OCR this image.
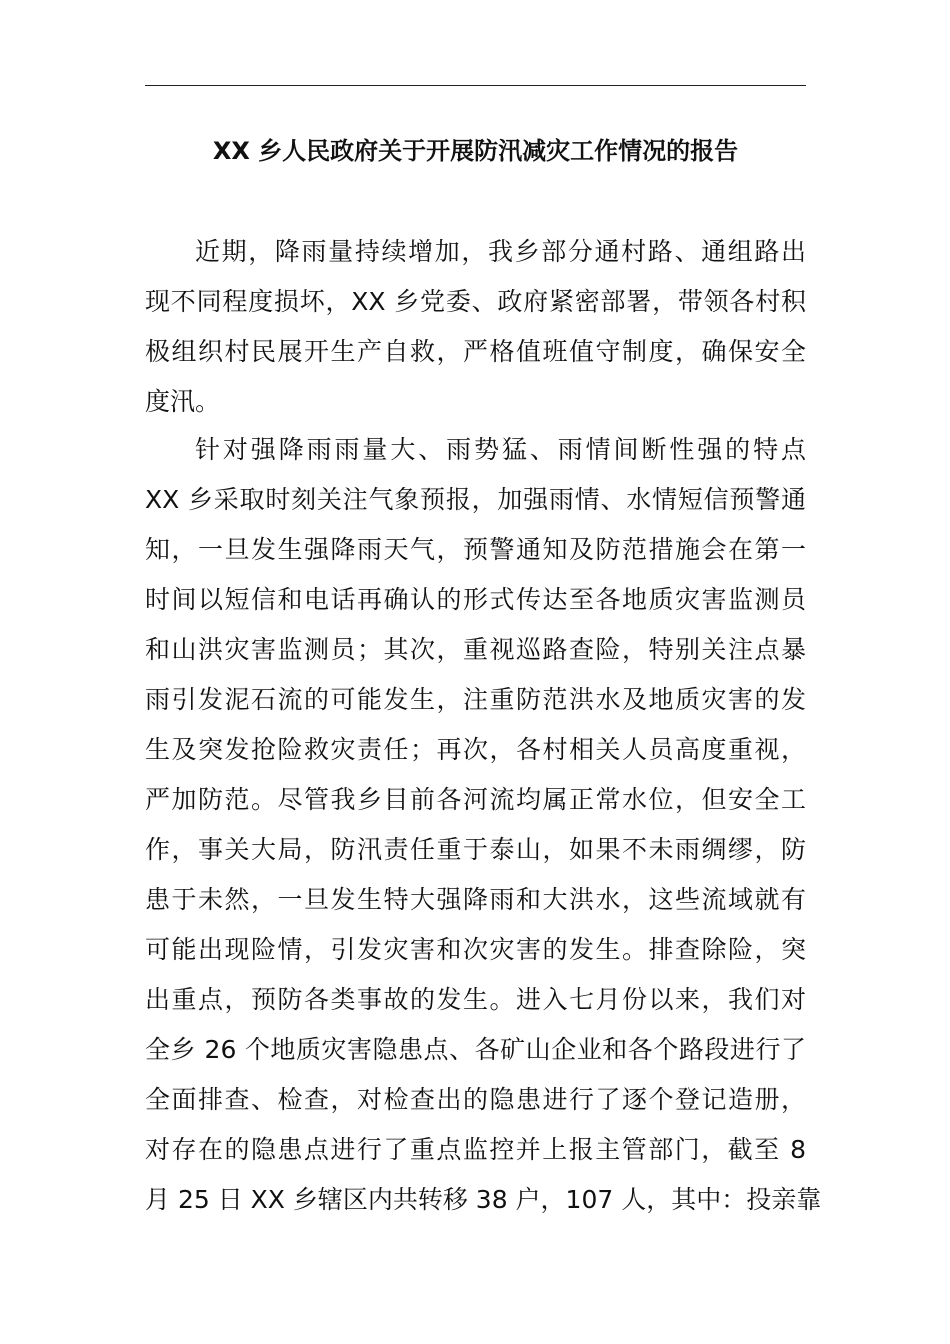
XX 乡人民政府关于开展防汛减灾工作情况的报告
近期，降雨量持续增加，我乡部分通村路、通组路出
现不同程度损坏，XX 乡党委、政府紧密部署，带领各村积
极组织村民展开生产自救，严格值班值守制度，确保安全
度汛。
针对强降雨雨量大、雨势猛、雨情间断性强的特点
XX 乡采取时刻关注气象预报，加强雨情、水情短信预警通
知，一旦发生强降雨天气，预警通知及防范措施会在第一
时间以短信和电话再确认的形式传达至各地质灾害监测员
和山洪灾害监测员；其次，重视巡路查险，特别关注点暴
雨引发泥石流的可能发生，注重防范洪水及地质灾害的发
生及突发抢险救灾责任；再次，各村相关人员高度重视，
严加防范。尽管我乡目前各河流均属正常水位，但安全工
作，事关大局，防汛责任重于泰山，如果不未雨绸缪，防
患于未然，一旦发生特大强降雨和大洪水，这些流域就有
可能出现险情，引发灾害和次灾害的发生。排查除险，突
出重点，预防各类事故的发生。进入七月份以来，我们对
全乡 26 个地质灾害隐患点、各矿山企业和各个路段进行了
全面排查、检查，对检查出的隐患进行了逐个登记造册，
对存在的隐患点进行了重点监控并上报主管部门，截至 8
月 25 日 XX 乡辖区内共转移 38 户，107 人，其中：投亲靠
